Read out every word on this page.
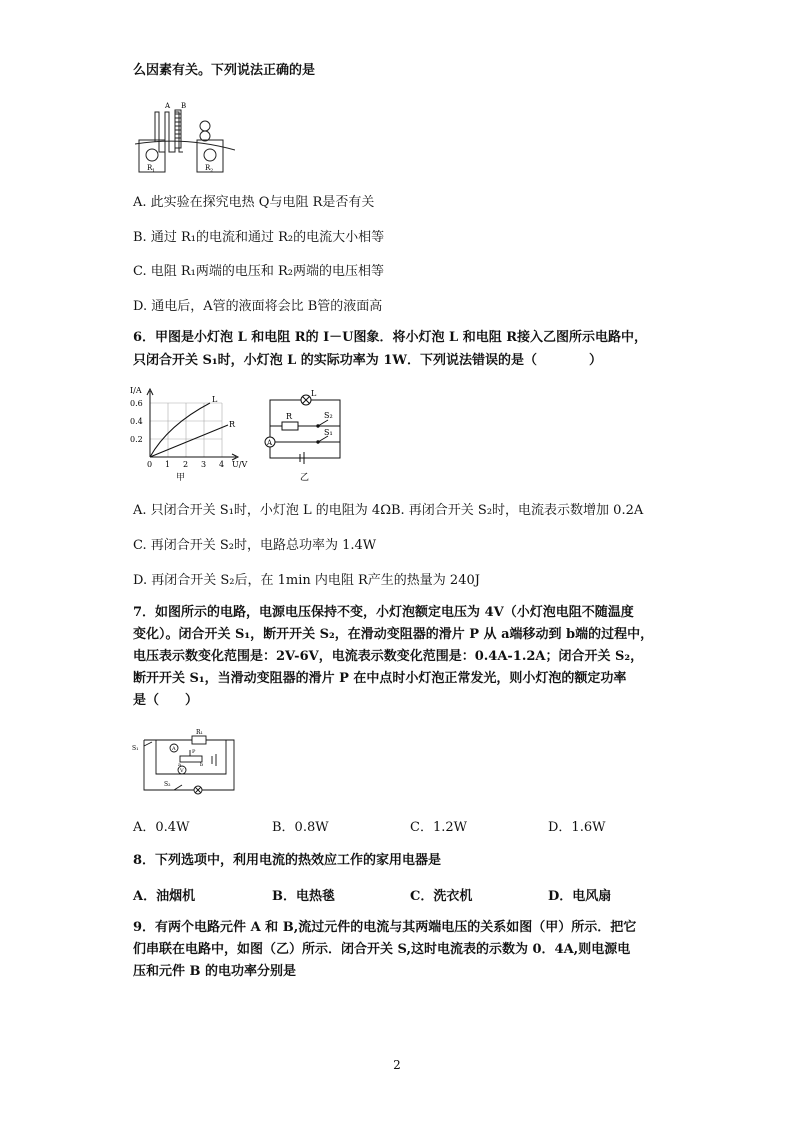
么因素有关。下列说法正确的是
A B
R 1	R 2
A. 此实验在探究电热 Q与电阻 R是否有关
B. 通过 R₁的电流和通过 R₂的电流大小相等
C. 电阻 R₁两端的电压和 R₂两端的电压相等
D. 通电后，A管的液面将会比 B管的液面高
6．甲图是小灯泡 L 和电阻 R的 I－U图象．将小灯泡 L 和电阻 R接入乙图所示电路中，
只闭合开关 S₁时，小灯泡 L 的实际功率为 1W．下列说法错误的是（　　　　）
I/A
0.6
0.4
0.2
0 1 2 3 4 U/V
L
R
甲
L
R	S₂
S₁
A
乙
A. 只闭合开关 S₁时，小灯泡 L 的电阻为 4ΩB. 再闭合开关 S₂时，电流表示数增加 0.2A
C. 再闭合开关 S₂时，电路总功率为 1.4W
D. 再闭合开关 S₂后，在 1min 内电阻 R产生的热量为 240J
7．如图所示的电路，电源电压保持不变，小灯泡额定电压为 4V（小灯泡电阻不随温度
变化）。闭合开关 S₁，断开开关 S₂，在滑动变阻器的滑片 P 从 a端移动到 b端的过程中，
电压表示数变化范围是：2V-6V，电流表示数变化范围是：0.4A-1.2A；闭合开关 S₂，
断开开关 S₁，当滑动变阻器的滑片 P 在中点时小灯泡正常发光，则小灯泡的额定功率
是（　　）
R₁
A
V
P
a	b
S₁
S₂
A．0.4W	B．0.8W	C．1.2W	D．1.6W
8．下列选项中，利用电流的热效应工作的家用电器是
A．油烟机	B．电热毯	C．洗衣机	D．电风扇
9．有两个电路元件 A 和 B,流过元件的电流与其两端电压的关系如图（甲）所示．把它
们串联在电路中，如图（乙）所示．闭合开关 S,这时电流表的示数为 0．4A,则电源电
压和元件 B 的电功率分别是
2
